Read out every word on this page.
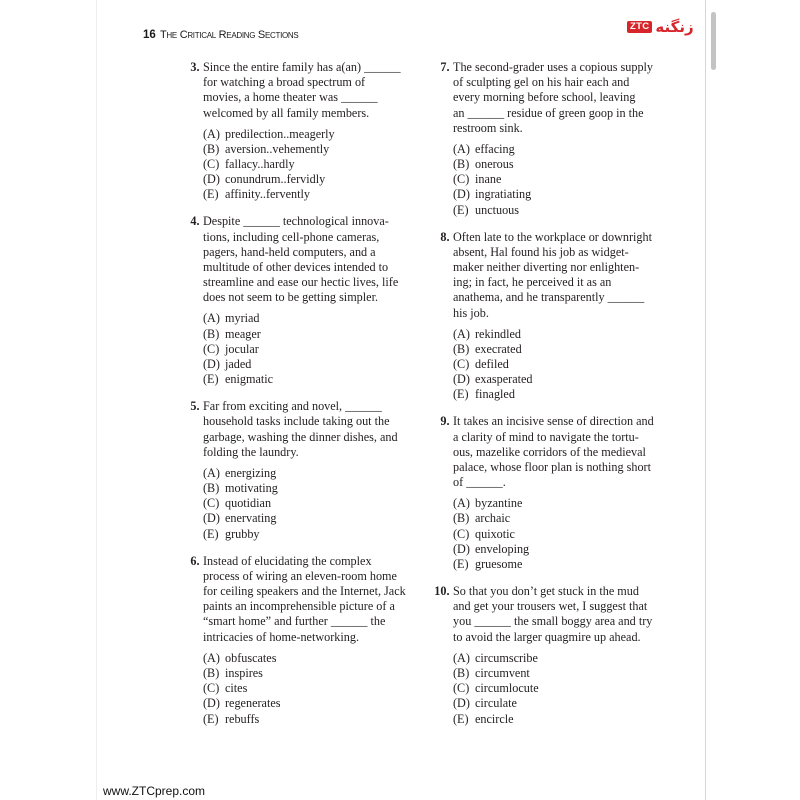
16 The Critical Reading Sections
ZTC زنگنه
3. Since the entire family has a(an) ______
for watching a broad spectrum of
movies, a home theater was ______
welcomed by all family members.
(A) predilection..meagerly
(B) aversion..vehemently
(C) fallacy..hardly
(D) conundrum..fervidly
(E) affinity..fervently
4. Despite ______ technological innova-
tions, including cell-phone cameras,
pagers, hand-held computers, and a
multitude of other devices intended to
streamline and ease our hectic lives, life
does not seem to be getting simpler.
(A) myriad
(B) meager
(C) jocular
(D) jaded
(E) enigmatic
5. Far from exciting and novel, ______
household tasks include taking out the
garbage, washing the dinner dishes, and
folding the laundry.
(A) energizing
(B) motivating
(C) quotidian
(D) enervating
(E) grubby
6. Instead of elucidating the complex
process of wiring an eleven-room home
for ceiling speakers and the Internet, Jack
paints an incomprehensible picture of a
“smart home” and further ______ the
intricacies of home-networking.
(A) obfuscates
(B) inspires
(C) cites
(D) regenerates
(E) rebuffs
7. The second-grader uses a copious supply
of sculpting gel on his hair each and
every morning before school, leaving
an ______ residue of green goop in the
restroom sink.
(A) effacing
(B) onerous
(C) inane
(D) ingratiating
(E) unctuous
8. Often late to the workplace or downright
absent, Hal found his job as widget-
maker neither diverting nor enlighten-
ing; in fact, he perceived it as an
anathema, and he transparently ______
his job.
(A) rekindled
(B) execrated
(C) defiled
(D) exasperated
(E) finagled
9. It takes an incisive sense of direction and
a clarity of mind to navigate the tortu-
ous, mazelike corridors of the medieval
palace, whose floor plan is nothing short
of ______.
(A) byzantine
(B) archaic
(C) quixotic
(D) enveloping
(E) gruesome
10. So that you don’t get stuck in the mud
and get your trousers wet, I suggest that
you ______ the small boggy area and try
to avoid the larger quagmire up ahead.
(A) circumscribe
(B) circumvent
(C) circumlocute
(D) circulate
(E) encircle
www.ZTCprep.com
